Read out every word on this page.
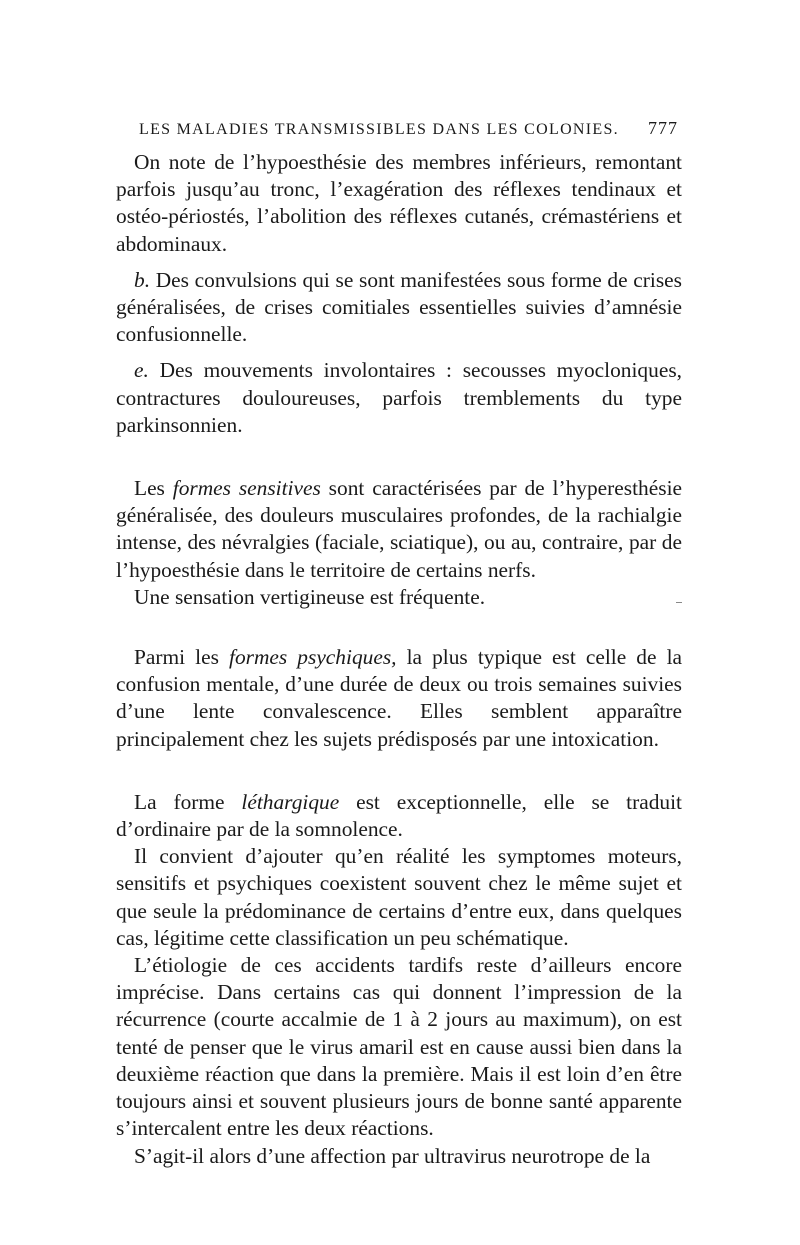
LES MALADIES TRANSMISSIBLES DANS LES COLONIES. 777

On note de l’hypoesthésie des membres inférieurs, remontant parfois jusqu’au tronc, l’exagération des réflexes tendinaux et ostéo-périostés, l’abolition des réflexes cutanés, crémastériens et abdominaux.

b. Des convulsions qui se sont manifestées sous forme de crises généralisées, de crises comitiales essentielles suivies d’amnésie confusionnelle.

e. Des mouvements involontaires : secousses myocloniques, contractures douloureuses, parfois tremblements du type parkinsonnien.

Les formes sensitives sont caractérisées par de l’hyperesthésie généralisée, des douleurs musculaires profondes, de la rachialgie intense, des névralgies (faciale, sciatique), ou au, contraire, par de l’hypoesthésie dans le territoire de certains nerfs.

Une sensation vertigineuse est fréquente.

Parmi les formes psychiques, la plus typique est celle de la confusion mentale, d’une durée de deux ou trois semaines suivies d’une lente convalescence. Elles semblent apparaître principalement chez les sujets prédisposés par une intoxication.

La forme léthargique est exceptionnelle, elle se traduit d’ordinaire par de la somnolence.

Il convient d’ajouter qu’en réalité les symptomes moteurs, sensitifs et psychiques coexistent souvent chez le même sujet et que seule la prédominance de certains d’entre eux, dans quelques cas, légitime cette classification un peu schématique.

L’étiologie de ces accidents tardifs reste d’ailleurs encore imprécise. Dans certains cas qui donnent l’impression de la récurrence (courte accalmie de 1 à 2 jours au maximum), on est tenté de penser que le virus amaril est en cause aussi bien dans la deuxième réaction que dans la première. Mais il est loin d’en être toujours ainsi et souvent plusieurs jours de bonne santé apparente s’intercalent entre les deux réactions.

S’agit-il alors d’une affection par ultravirus neurotrope de la
